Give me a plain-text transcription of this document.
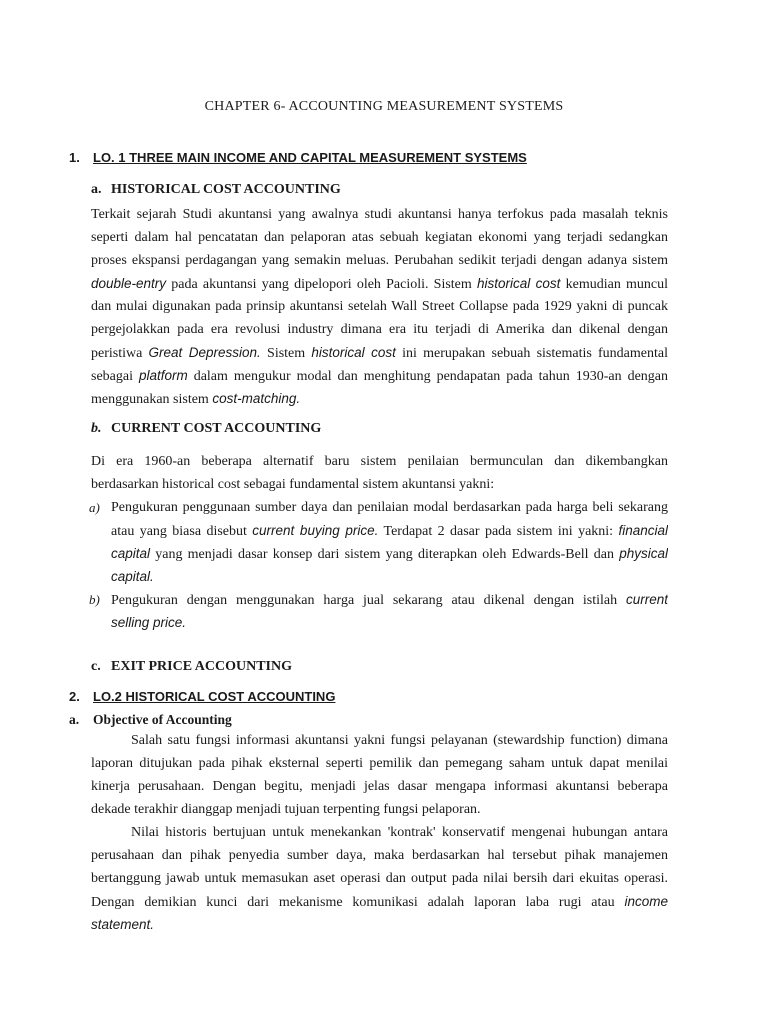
CHAPTER 6- ACCOUNTING MEASUREMENT SYSTEMS
1. LO. 1 THREE MAIN INCOME AND CAPITAL MEASUREMENT SYSTEMS
a. HISTORICAL COST ACCOUNTING
Terkait sejarah Studi akuntansi yang awalnya studi akuntansi hanya terfokus pada masalah teknis
seperti dalam hal pencatatan dan pelaporan atas sebuah kegiatan ekonomi yang terjadi sedangkan
proses ekspansi perdagangan yang semakin meluas. Perubahan sedikit terjadi dengan adanya sistem
double-entry pada akuntansi yang dipelopori oleh Pacioli. Sistem historical cost kemudian muncul
dan mulai digunakan pada prinsip akuntansi setelah Wall Street Collapse pada 1929 yakni di puncak
pergejolakkan pada era revolusi industry dimana era itu terjadi di Amerika dan dikenal dengan
peristiwa Great Depression. Sistem historical cost ini merupakan sebuah sistematis fundamental
sebagai platform dalam mengukur modal dan menghitung pendapatan pada tahun 1930-an dengan
menggunakan sistem cost-matching.
b. CURRENT COST ACCOUNTING
Di era 1960-an beberapa alternatif baru sistem penilaian bermunculan dan dikembangkan
berdasarkan historical cost sebagai fundamental sistem akuntansi yakni:
a) Pengukuran penggunaan sumber daya dan penilaian modal berdasarkan pada harga beli sekarang
atau yang biasa disebut current buying price. Terdapat 2 dasar pada sistem ini yakni: financial
capital yang menjadi dasar konsep dari sistem yang diterapkan oleh Edwards-Bell dan physical
capital.
b) Pengukuran dengan menggunakan harga jual sekarang atau dikenal dengan istilah current
selling price.
c. EXIT PRICE ACCOUNTING
2. LO.2 HISTORICAL COST ACCOUNTING
a. Objective of Accounting
Salah satu fungsi informasi akuntansi yakni fungsi pelayanan (stewardship function) dimana
laporan ditujukan pada pihak eksternal seperti pemilik dan pemegang saham untuk dapat menilai
kinerja perusahaan. Dengan begitu, menjadi jelas dasar mengapa informasi akuntansi beberapa
dekade terakhir dianggap menjadi tujuan terpenting fungsi pelaporan.
Nilai historis bertujuan untuk menekankan 'kontrak' konservatif mengenai hubungan antara
perusahaan dan pihak penyedia sumber daya, maka berdasarkan hal tersebut pihak manajemen
bertanggung jawab untuk memasukan aset operasi dan output pada nilai bersih dari ekuitas operasi.
Dengan demikian kunci dari mekanisme komunikasi adalah laporan laba rugi atau income
statement.
